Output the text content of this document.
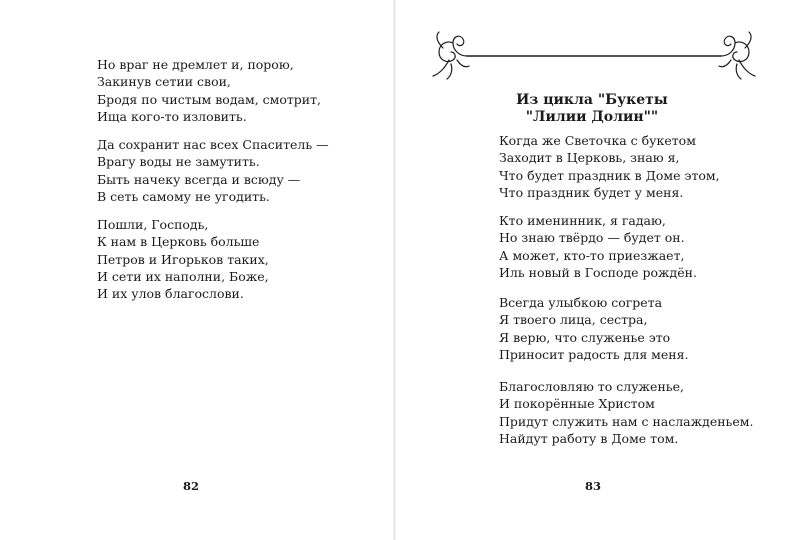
Но враг не дремлет и, порою,
Закинув сетии свои,
Бродя по чистым водам, смотрит,
Ища кого-то изловить.
Да сохранит нас всех Спаситель —
Врагу воды не замутить.
Быть начеку всегда и всюду —
В сеть самому не угодить.
Пошли, Господь,
К нам в Церковь больше
Петров и Игорьков таких,
И сети их наполни, Боже,
И их улов благослови.
82
Из цикла "Букеты
"Лилии Долин""
Когда же Светочка с букетом
Заходит в Церковь, знаю я,
Что будет праздник в Доме этом,
Что праздник будет у меня.
Кто именинник, я гадаю,
Но знаю твёрдо — будет он.
А может, кто-то приезжает,
Иль новый в Господе рождён.
Всегда улыбкою согрета
Я твоего лица, сестра,
Я верю, что служенье это
Приносит радость для меня.
Благословляю то служенье,
И покорённые Христом
Придут служить нам с наслажденьем.
Найдут работу в Доме том.
83
